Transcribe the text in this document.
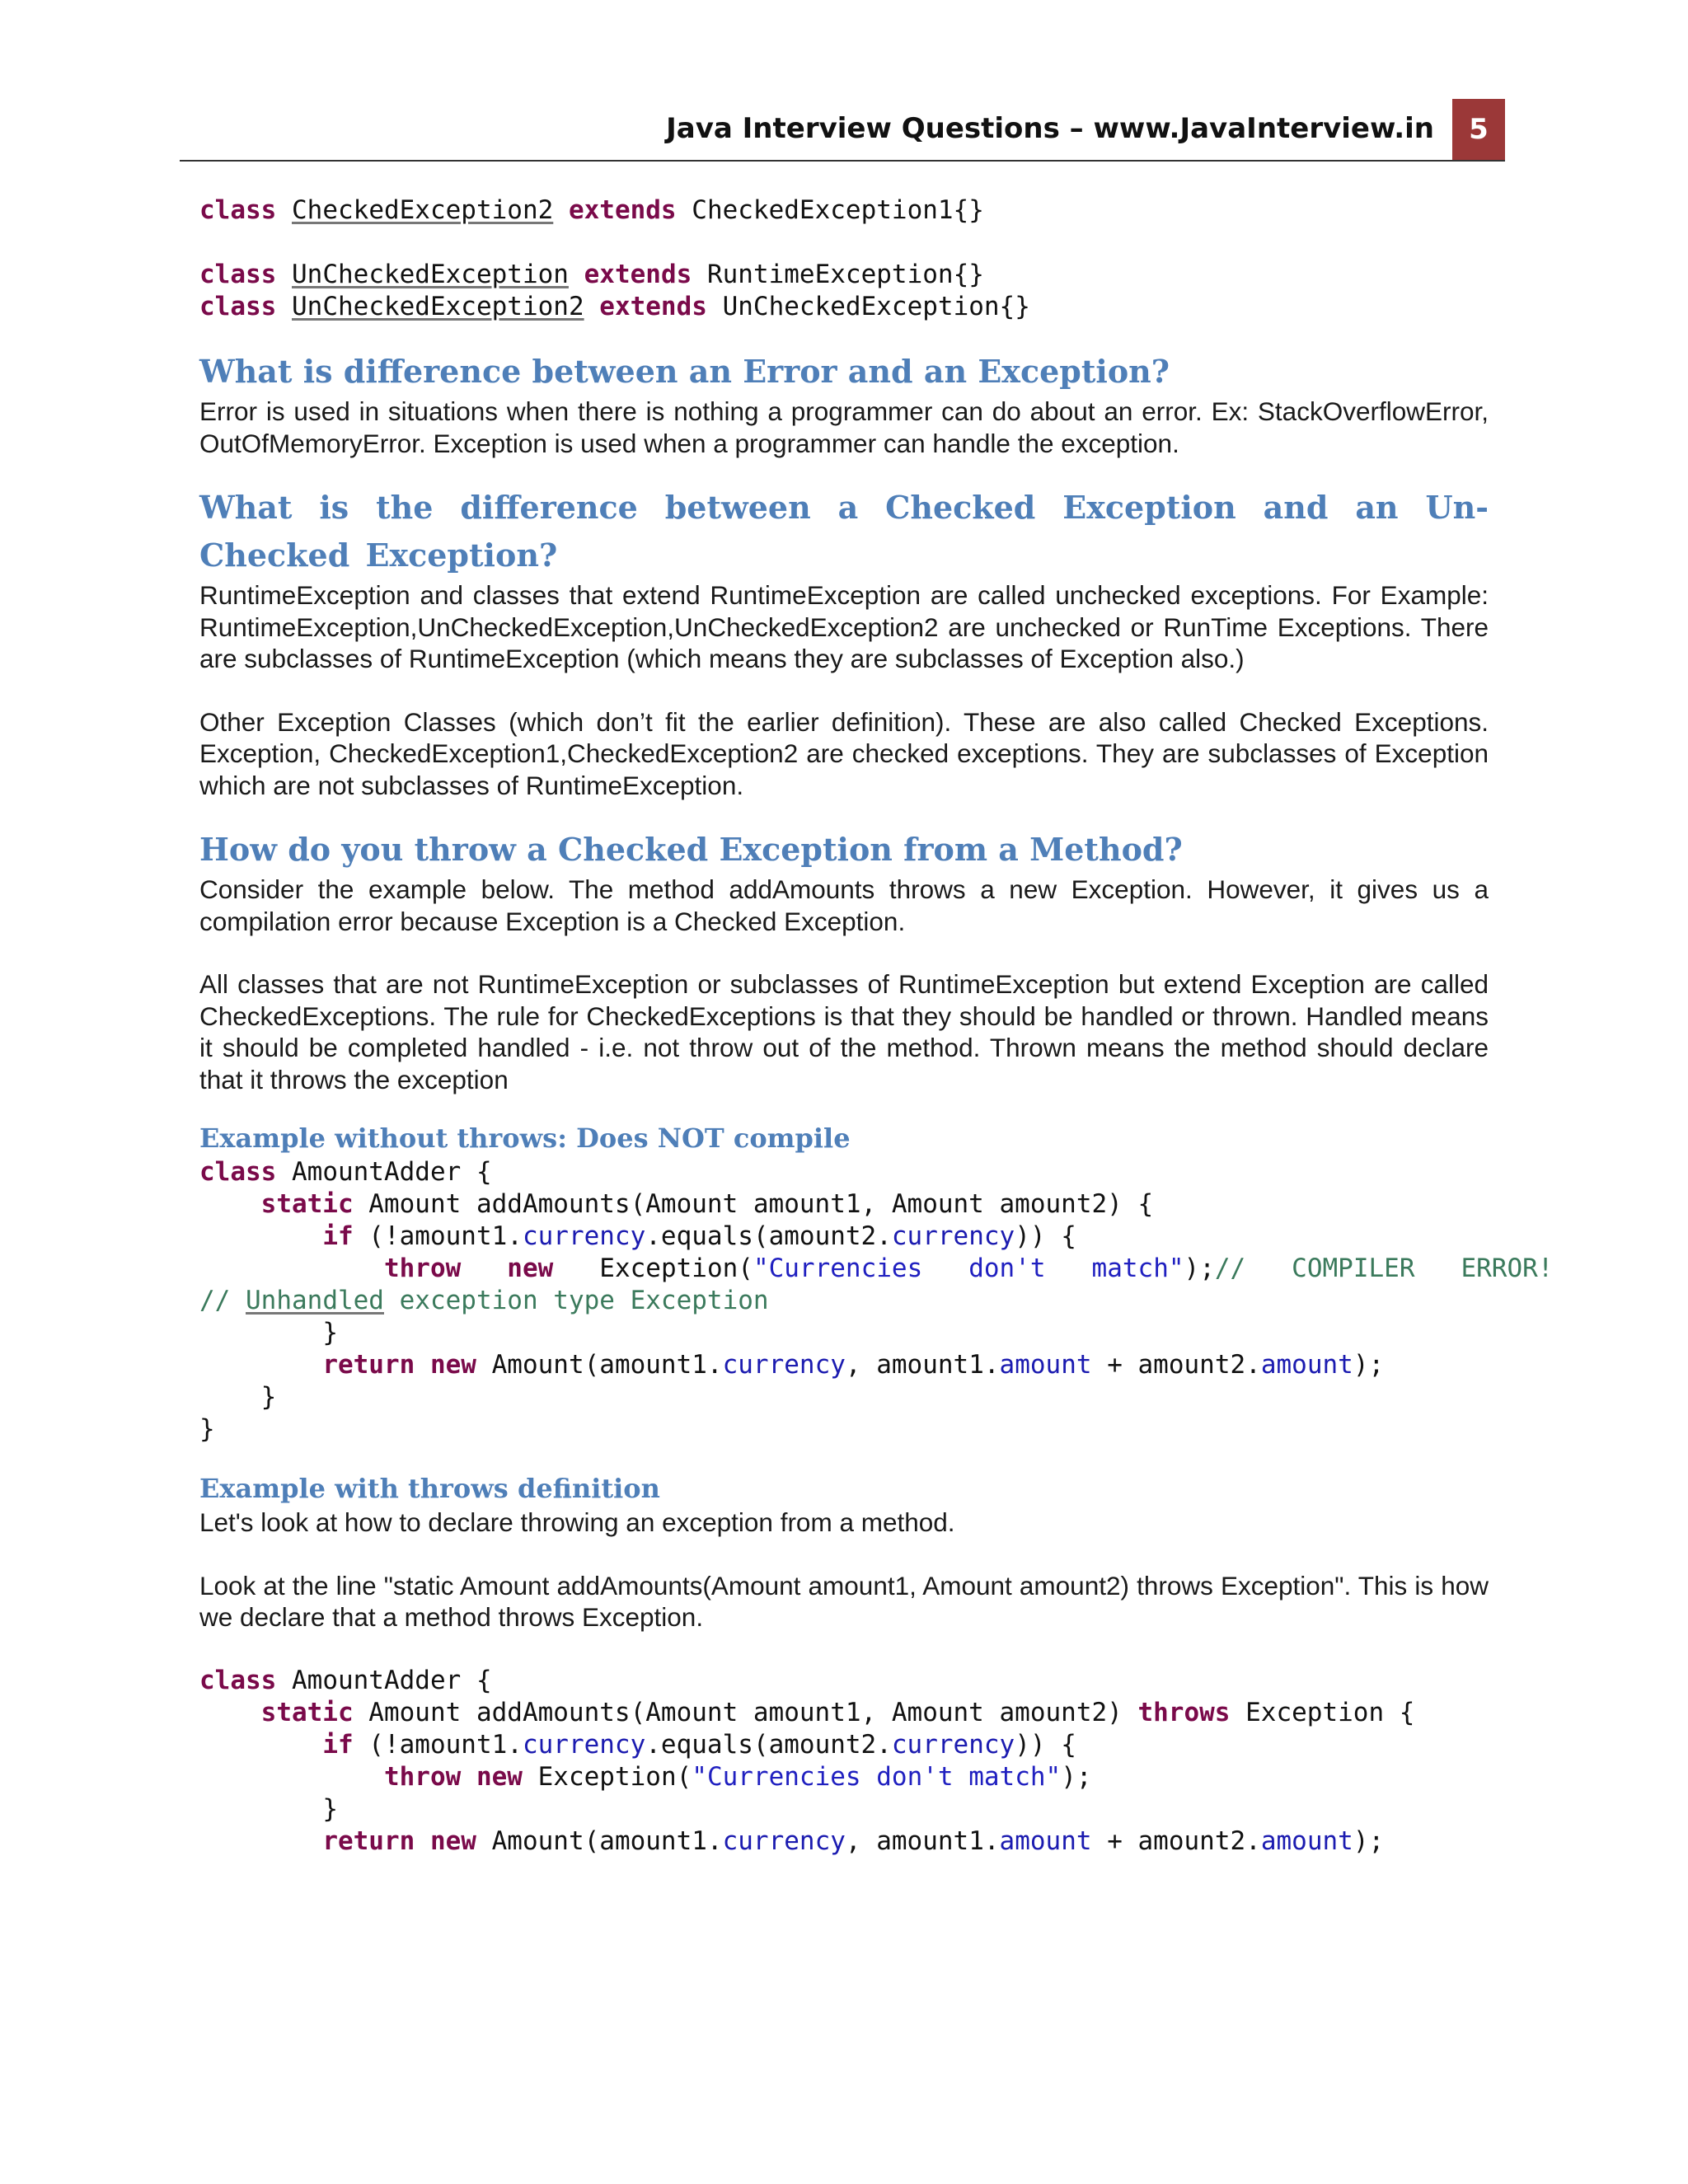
Java Interview Questions – www.JavaInterview.in	5
class CheckedException2 extends CheckedException1{}

class UnCheckedException extends RuntimeException{}
class UnCheckedException2 extends UnCheckedException{}
What is difference between an Error and an Exception?

Error is used in situations when there is nothing a programmer can do about an error. Ex: StackOverflowError, OutOfMemoryError. Exception is used when a programmer can handle the exception.

What is the difference between a Checked Exception and an Un-Checked Exception?

RuntimeException and classes that extend RuntimeException are called unchecked exceptions. For Example: RuntimeException,UnCheckedException,UnCheckedException2 are unchecked or RunTime Exceptions. There are subclasses of RuntimeException (which means they are subclasses of Exception also.)

Other Exception Classes (which don’t fit the earlier definition). These are also called Checked Exceptions. Exception, CheckedException1,CheckedException2 are checked exceptions. They are subclasses of Exception which are not subclasses of RuntimeException.

How do you throw a Checked Exception from a Method?

Consider the example below. The method addAmounts throws a new Exception. However, it gives us a compilation error because Exception is a Checked Exception.

All classes that are not RuntimeException or subclasses of RuntimeException but extend Exception are called CheckedExceptions. The rule for CheckedExceptions is that they should be handled or thrown. Handled means it should be completed handled - i.e. not throw out of the method. Thrown means the method should declare that it throws the exception

Example without throws: Does NOT compile
class AmountAdder {
static Amount addAmounts(Amount amount1, Amount amount2) {
if (!amount1.currency.equals(amount2.currency)) {
throw new Exception("Currencies   don't   match");//   COMPILER   ERROR!
// Unhandled exception type Exception
}
return new Amount(amount1.currency, amount1.amount + amount2.amount);
}
}
Example with throws definition

Let's look at how to declare throwing an exception from a method.

Look at the line "static Amount addAmounts(Amount amount1, Amount amount2) throws Exception". This is how we declare that a method throws Exception.

class AmountAdder {
static Amount addAmounts(Amount amount1, Amount amount2) throws Exception {
if (!amount1.currency.equals(amount2.currency)) {
throw new Exception("Currencies don't match");
}
return new Amount(amount1.currency, amount1.amount + amount2.amount);
